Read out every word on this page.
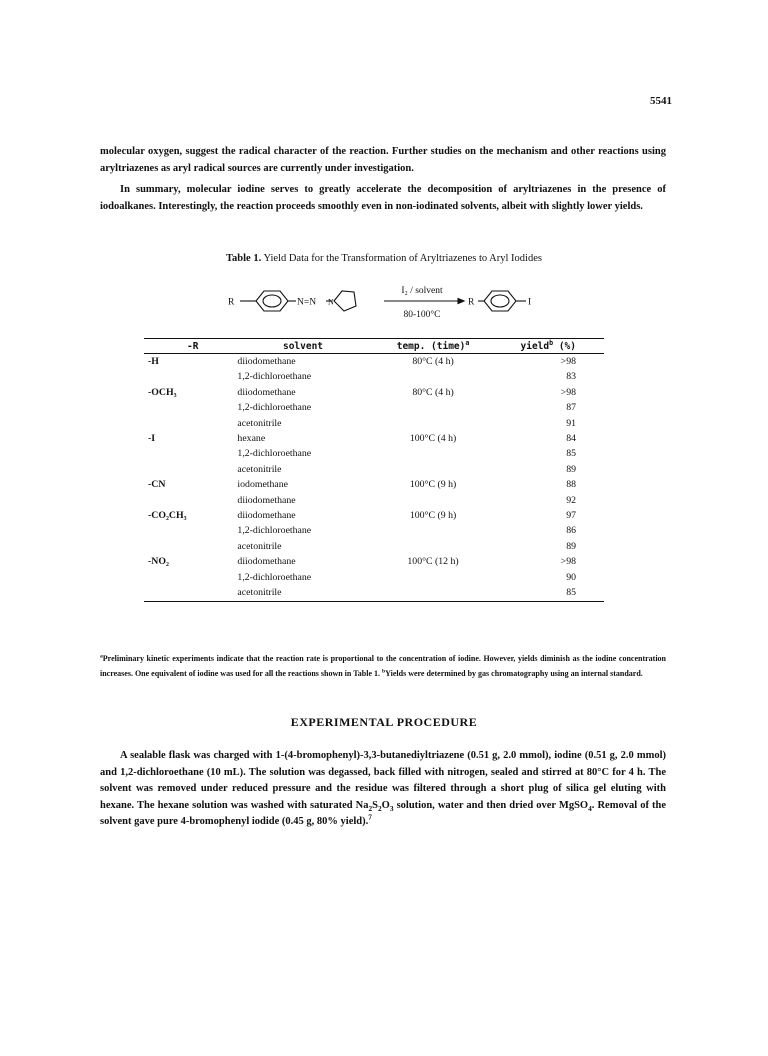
5541
molecular oxygen, suggest the radical character of the reaction. Further studies on the mechanism and other reactions using aryltriazenes as aryl radical sources are currently under investigation.
In summary, molecular iodine serves to greatly accelerate the decomposition of aryltriazenes in the presence of iodoalkanes. Interestingly, the reaction proceeds smoothly even in non-iodinated solvents, albeit with slightly lower yields.
Table 1. Yield Data for the Transformation of Aryltriazenes to Aryl Iodides
R	N=N N
I₂ / solvent
80-100°C
R	I
-R	solvent	temp. (time)$^a$	yield$^b$ (%)
-H	diiodomethane	80°C (4 h)	>98
	1,2-dichloroethane		83
-OCH₃	diiodomethane	80°C (4 h)	>98
	1,2-dichloroethane		87
	acetonitrile		91
-I	hexane	100°C (4 h)	84
	1,2-dichloroethane		85
	acetonitrile		89
-CN	iodomethane	100°C (9 h)	88
	diiodomethane		92
-CO₂CH₃	diiodomethane	100°C (9 h)	97
	1,2-dichloroethane		86
	acetonitrile		89
-NO₂	diiodomethane	100°C (12 h)	>98
	1,2-dichloroethane		90
	acetonitrile		85
$^a$Preliminary kinetic experiments indicate that the reaction rate is proportional to the concentration of iodine. However, yields diminish as the iodine concentration increases. One equivalent of iodine was used for all the reactions shown in Table 1. $^b$Yields were determined by gas chromatography using an internal standard.
EXPERIMENTAL PROCEDURE
A sealable flask was charged with 1-(4-bromophenyl)-3,3-butanediyltriazene (0.51 g, 2.0 mmol), iodine (0.51 g, 2.0 mmol) and 1,2-dichloroethane (10 mL). The solution was degassed, back filled with nitrogen, sealed and stirred at 80°C for 4 h. The solvent was removed under reduced pressure and the residue was filtered through a short plug of silica gel eluting with hexane. The hexane solution was washed with saturated $Na_2S_2O_3$ solution, water and then dried over MgSO$_4$. Removal of the solvent gave pure 4-bromophenyl iodide (0.45 g, 80% yield).$^7$
